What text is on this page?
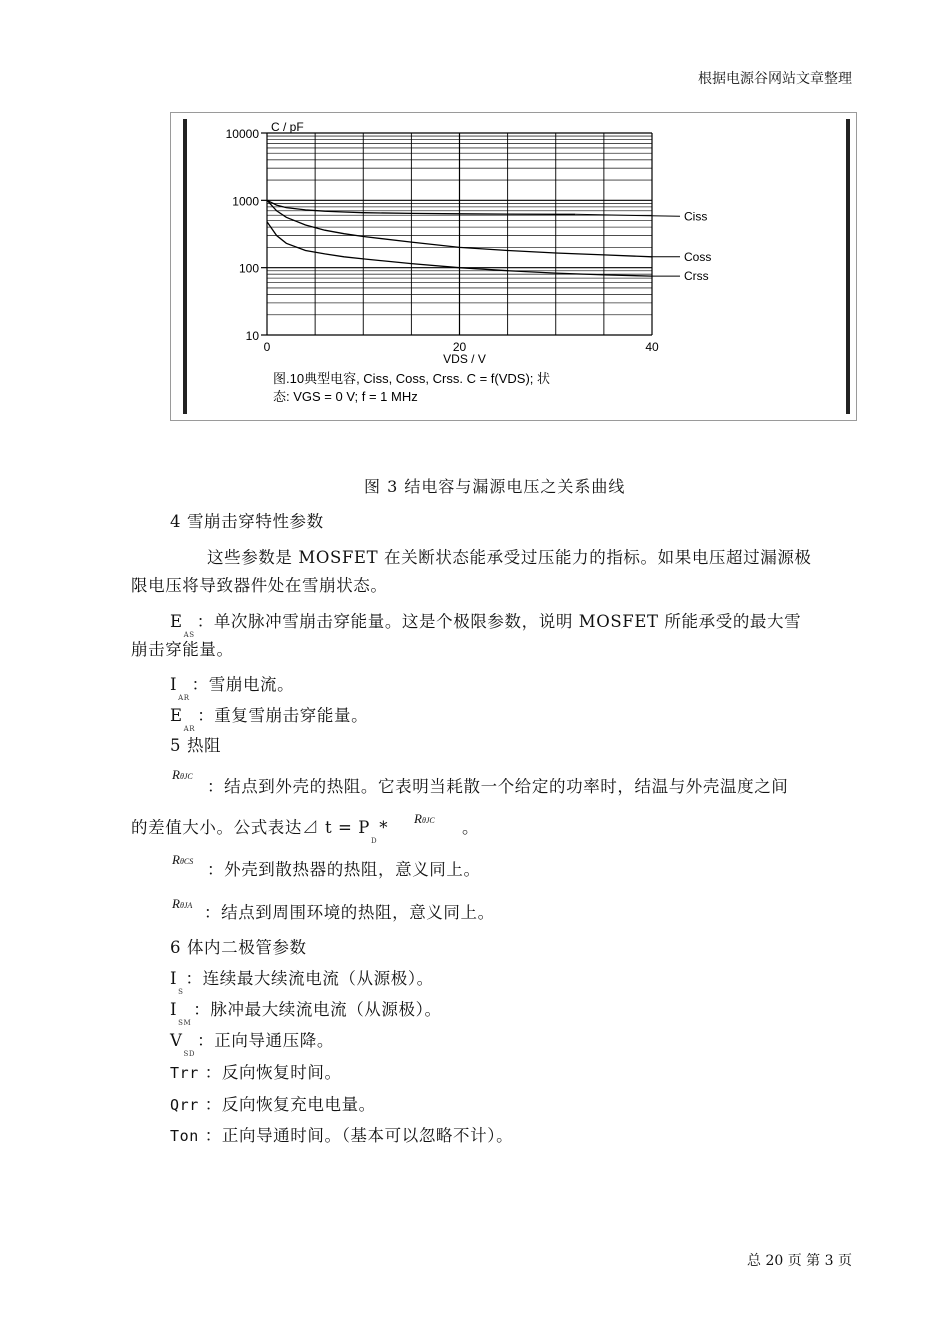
根据电源谷网站文章整理
10000
1000
100
10
0	20	40
C / pF
VDS / V
Ciss
Coss
Crss
图.10典型电容, Ciss, Coss, Crss. C = f(VDS); 状
态: VGS = 0 V; f = 1 MHz
图 3 结电容与漏源电压之关系曲线
4 雪崩击穿特性参数
这些参数是 MOSFET 在关断状态能承受过压能力的指标。如果电压超过漏源极
限电压将导致器件处在雪崩状态。
$E_{AS}$：单次脉冲雪崩击穿能量。这是个极限参数，说明 MOSFET 所能承受的最大雪
崩击穿能量。
$I_{AR}$：雪崩电流。
$E_{AR}$：重复雪崩击穿能量。
5 热阻
RθJC
：结点到外壳的热阻。它表明当耗散一个给定的功率时，结温与外壳温度之间
的差值大小。公式表达⊿ $t = P_D*$ RθJC 。
RθCS ：外壳到散热器的热阻，意义同上。
RθJA ：结点到周围环境的热阻，意义同上。
6 体内二极管参数
$I_S$：连续最大续流电流（从源极）。
$I_{SM}$：脉冲最大续流电流（从源极）。
$V_{SD}$：正向导通压降。
Trr ：反向恢复时间。
Qrr ：反向恢复充电电量。
Ton ：正向导通时间。（基本可以忽略不计）。
总 20 页 第 3 页
